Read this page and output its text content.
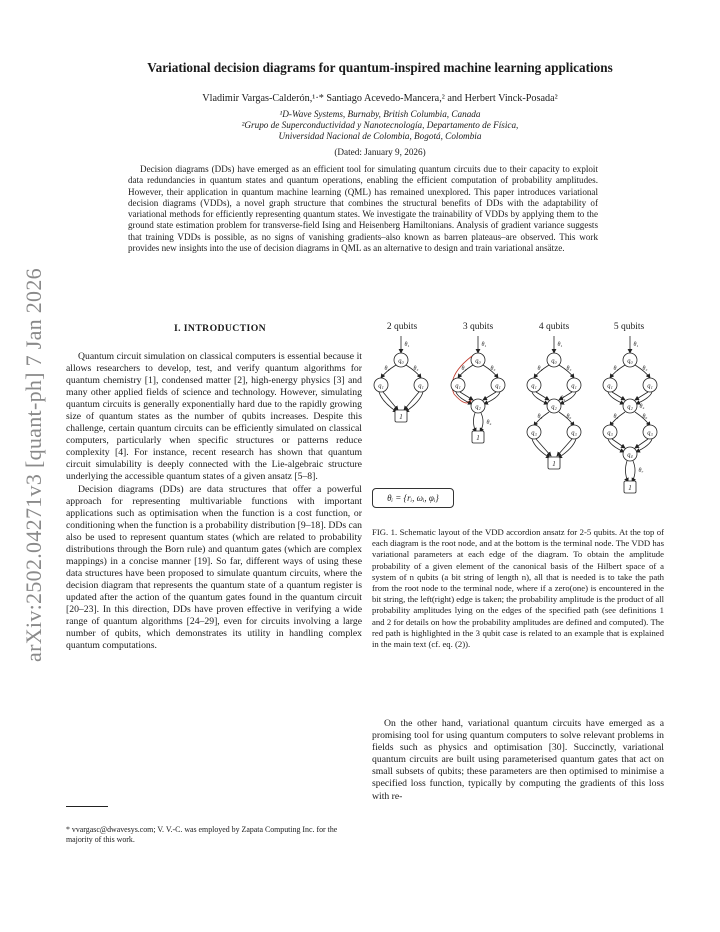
arXiv:2502.04271v3 [quant-ph] 7 Jan 2026
Variational decision diagrams for quantum-inspired machine learning applications
Vladimir Vargas-Calderón,¹·* Santiago Acevedo-Mancera,² and Herbert Vinck-Posada²
¹D-Wave Systems, Burnaby, British Columbia, Canada
²Grupo de Superconductividad y Nanotecnología, Departamento de Física,
Universidad Nacional de Colombia, Bogotá, Colombia
(Dated: January 9, 2026)
Decision diagrams (DDs) have emerged as an efficient tool for simulating quantum circuits due to their capacity to exploit data redundancies in quantum states and quantum operations, enabling the efficient computation of probability amplitudes. However, their application in quantum machine learning (QML) has remained unexplored. This paper introduces variational decision diagrams (VDDs), a novel graph structure that combines the structural benefits of DDs with the adaptability of variational methods for efficiently representing quantum states. We investigate the trainability of VDDs by applying them to the ground state estimation problem for transverse-field Ising and Heisenberg Hamiltonians. Analysis of gradient variance suggests that training VDDs is possible, as no signs of vanishing gradients–also known as barren plateaus–are observed. This work provides new insights into the use of decision diagrams in QML as an alternative to design and train variational ansätze.
I. INTRODUCTION

Quantum circuit simulation on classical computers is essential because it allows researchers to develop, test, and verify quantum algorithms for quantum chemistry [1], condensed matter [2], high-energy physics [3] and many other applied fields of science and technology. However, simulating quantum circuits is generally exponentially hard due to the rapidly growing size of quantum states as the number of qubits increases. Despite this challenge, certain quantum circuits can be efficiently simulated on classical computers, particularly when specific structures or patterns reduce complexity [4]. For instance, recent research has shown that quantum circuit simulability is deeply connected with the Lie-algebraic structure underlying the accessible quantum states of a given ansatz [5–8].

Decision diagrams (DDs) are data structures that offer a powerful approach for representing multivariable functions with important applications such as optimisation when the function is a cost function, or conditioning when the function is a probability distribution [9–18]. DDs can also be used to represent quantum states (which are related to probability distributions through the Born rule) and quantum gates (which are complex mappings) in a concise manner [19]. So far, different ways of using these data structures have been proposed to simulate quantum circuits, where the decision diagram that represents the quantum state of a quantum register is updated after the action of the quantum gates found in the quantum circuit [20–23]. In this direction, DDs have proven effective in verifying a wide range of quantum algorithms [24–29], even for circuits involving a large number of qubits, which demonstrates its utility in handling complex quantum computations.

* vvargasc@dwavesys.com; V. V.-C. was employed by Zapata Computing Inc. for the majority of this work.
2 qubits	3 qubits	4 qubits	5 qubits
θ₁
q₀
θ₁
q₀
θ₁
q₀
θ₁
q₀
θ₂	θ₃
q₁	q₁
1
θ₂	θ₃
q₁	q₁
q₂
θ₄
1
θ₂	θ₃
q₁	q₁
q₂
θ₅	θ₆
q₃	q₃
θ₄
1
θ₂	θ₃
q₁	q₁
q₂ θ₄
θ₅	θ₆
q₃	q₃
q₄
θ₇
1
θᵢ = {rᵢ, ωᵢ, φᵢ}
FIG. 1. Schematic layout of the VDD accordion ansatz for 2-5 qubits. At the top of each diagram is the root node, and at the bottom is the terminal node. The VDD has variational parameters at each edge of the diagram. To obtain the amplitude probability of a given element of the canonical basis of the Hilbert space of a system of n qubits (a bit string of length n), all that is needed is to take the path from the root node to the terminal node, where if a zero(one) is encountered in the bit string, the left(right) edge is taken; the probability amplitude is the product of all probability amplitudes lying on the edges of the specified path (see definitions 1 and 2 for details on how the probability amplitudes are defined and computed). The red path is highlighted in the 3 qubit case is related to an example that is explained in the main text (cf. eq. (2)).

On the other hand, variational quantum circuits have emerged as a promising tool for using quantum computers to solve relevant problems in fields such as physics and optimisation [30]. Succinctly, variational quantum circuits are built using parameterised quantum gates that act on small subsets of qubits; these parameters are then optimised to minimise a specified loss function, typically by computing the gradients of this loss with re-
